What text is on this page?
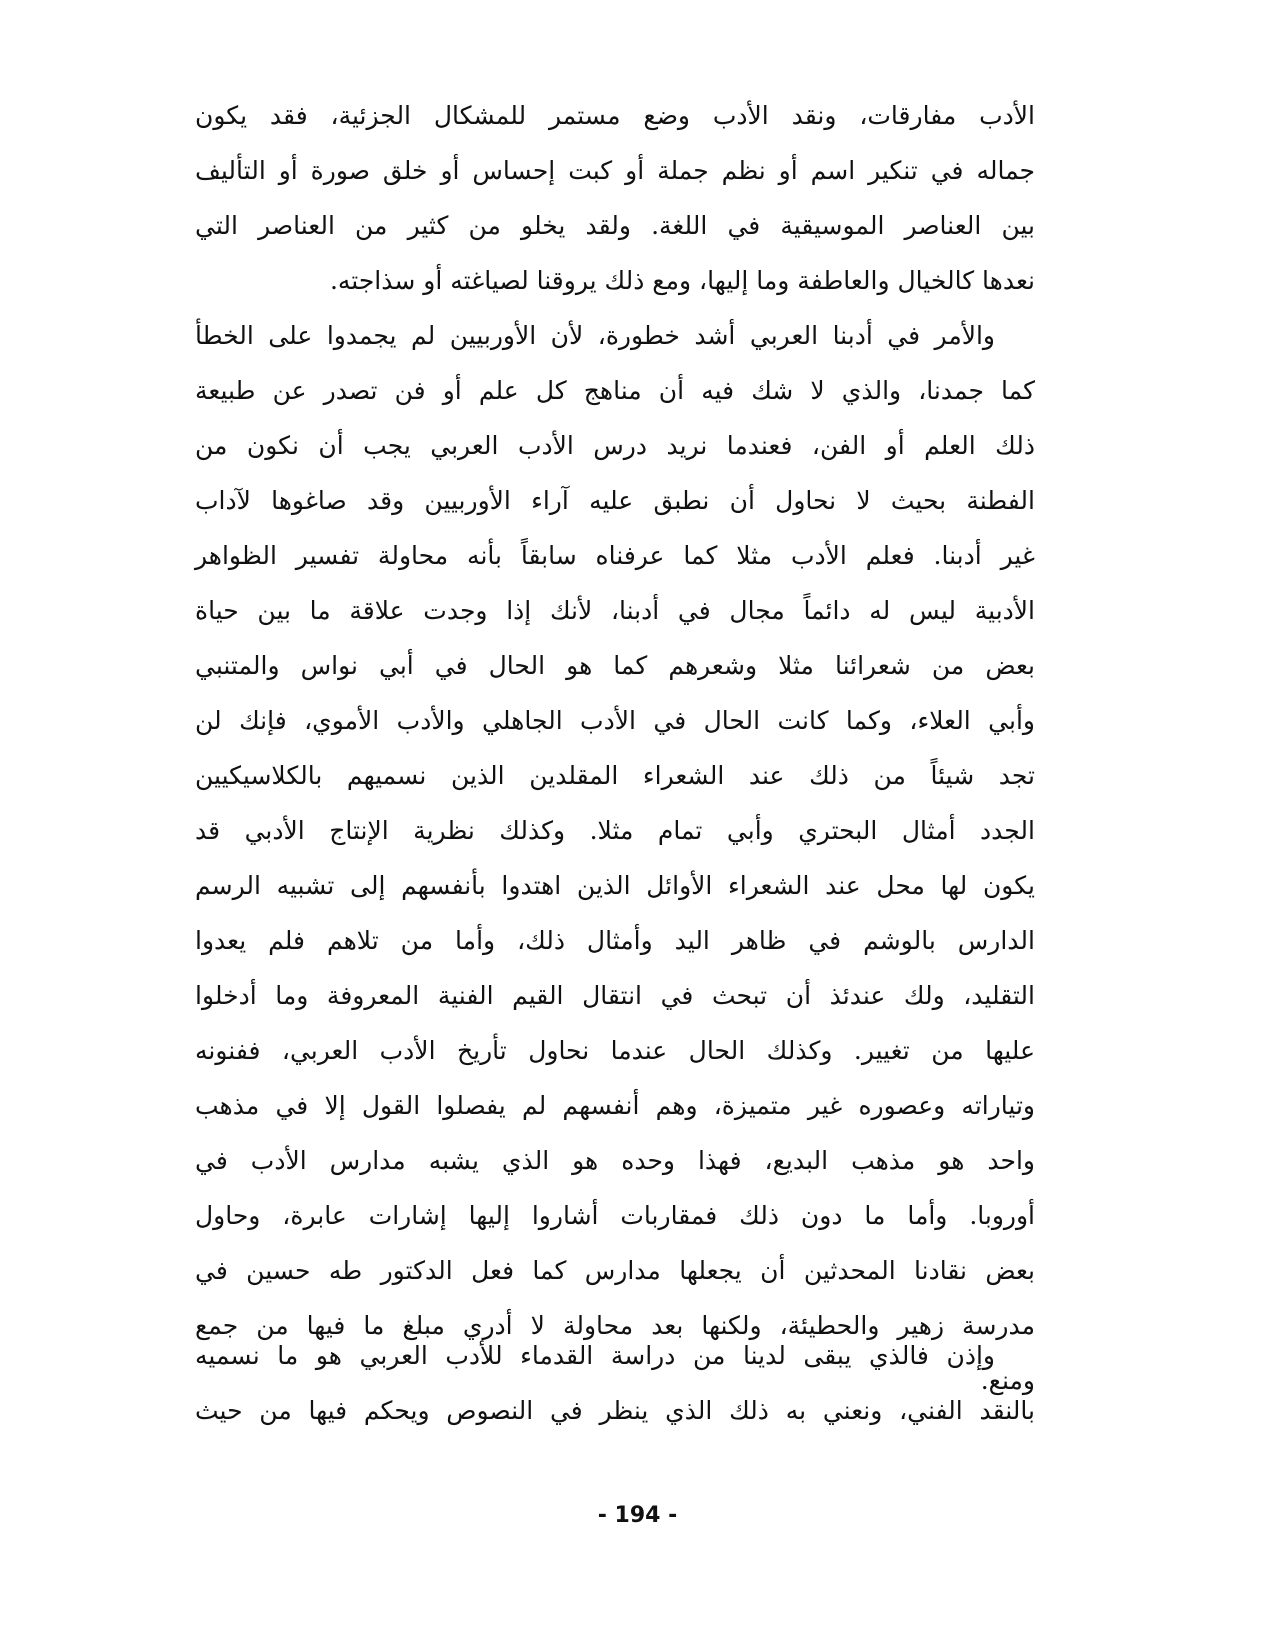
الأدب مفارقات، ونقد الأدب وضع مستمر للمشكال الجزئية، فقد يكون
جماله في تنكير اسم أو نظم جملة أو كبت إحساس أو خلق صورة أو التأليف
بين العناصر الموسيقية في اللغة. ولقد يخلو من كثير من العناصر التي
نعدها كالخيال والعاطفة وما إليها، ومع ذلك يروقنا لصياغته أو سذاجته.
والأمر في أدبنا العربي أشد خطورة، لأن الأوربيين لم يجمدوا على الخطأ
كما جمدنا، والذي لا شك فيه أن مناهج كل علم أو فن تصدر عن طبيعة
ذلك العلم أو الفن، فعندما نريد درس الأدب العربي يجب أن نكون من
الفطنة بحيث لا نحاول أن نطبق عليه آراء الأوربيين وقد صاغوها لآداب
غير أدبنا. فعلم الأدب مثلا كما عرفناه سابقاً بأنه محاولة تفسير الظواهر
الأدبية ليس له دائماً مجال في أدبنا، لأنك إذا وجدت علاقة ما بين حياة
بعض من شعرائنا مثلا وشعرهم كما هو الحال في أبي نواس والمتنبي
وأبي العلاء، وكما كانت الحال في الأدب الجاهلي والأدب الأموي، فإنك لن
تجد شيئاً من ذلك عند الشعراء المقلدين الذين نسميهم بالكلاسيكيين
الجدد أمثال البحتري وأبي تمام مثلا. وكذلك نظرية الإنتاج الأدبي قد
يكون لها محل عند الشعراء الأوائل الذين اهتدوا بأنفسهم إلى تشبيه الرسم
الدارس بالوشم في ظاهر اليد وأمثال ذلك، وأما من تلاهم فلم يعدوا
التقليد، ولك عندئذ أن تبحث في انتقال القيم الفنية المعروفة وما أدخلوا
عليها من تغيير. وكذلك الحال عندما نحاول تأريخ الأدب العربي، ففنونه
وتياراته وعصوره غير متميزة، وهم أنفسهم لم يفصلوا القول إلا في مذهب
واحد هو مذهب البديع، فهذا وحده هو الذي يشبه مدارس الأدب في
أوروبا. وأما ما دون ذلك فمقاربات أشاروا إليها إشارات عابرة، وحاول
بعض نقادنا المحدثين أن يجعلها مدارس كما فعل الدكتور طه حسين في
مدرسة زهير والحطيئة، ولكنها بعد محاولة لا أدري مبلغ ما فيها من جمع
ومنع.
وإذن فالذي يبقى لدينا من دراسة القدماء للأدب العربي هو ما نسميه
بالنقد الفني، ونعني به ذلك الذي ينظر في النصوص ويحكم فيها من حيث
- 194 -
